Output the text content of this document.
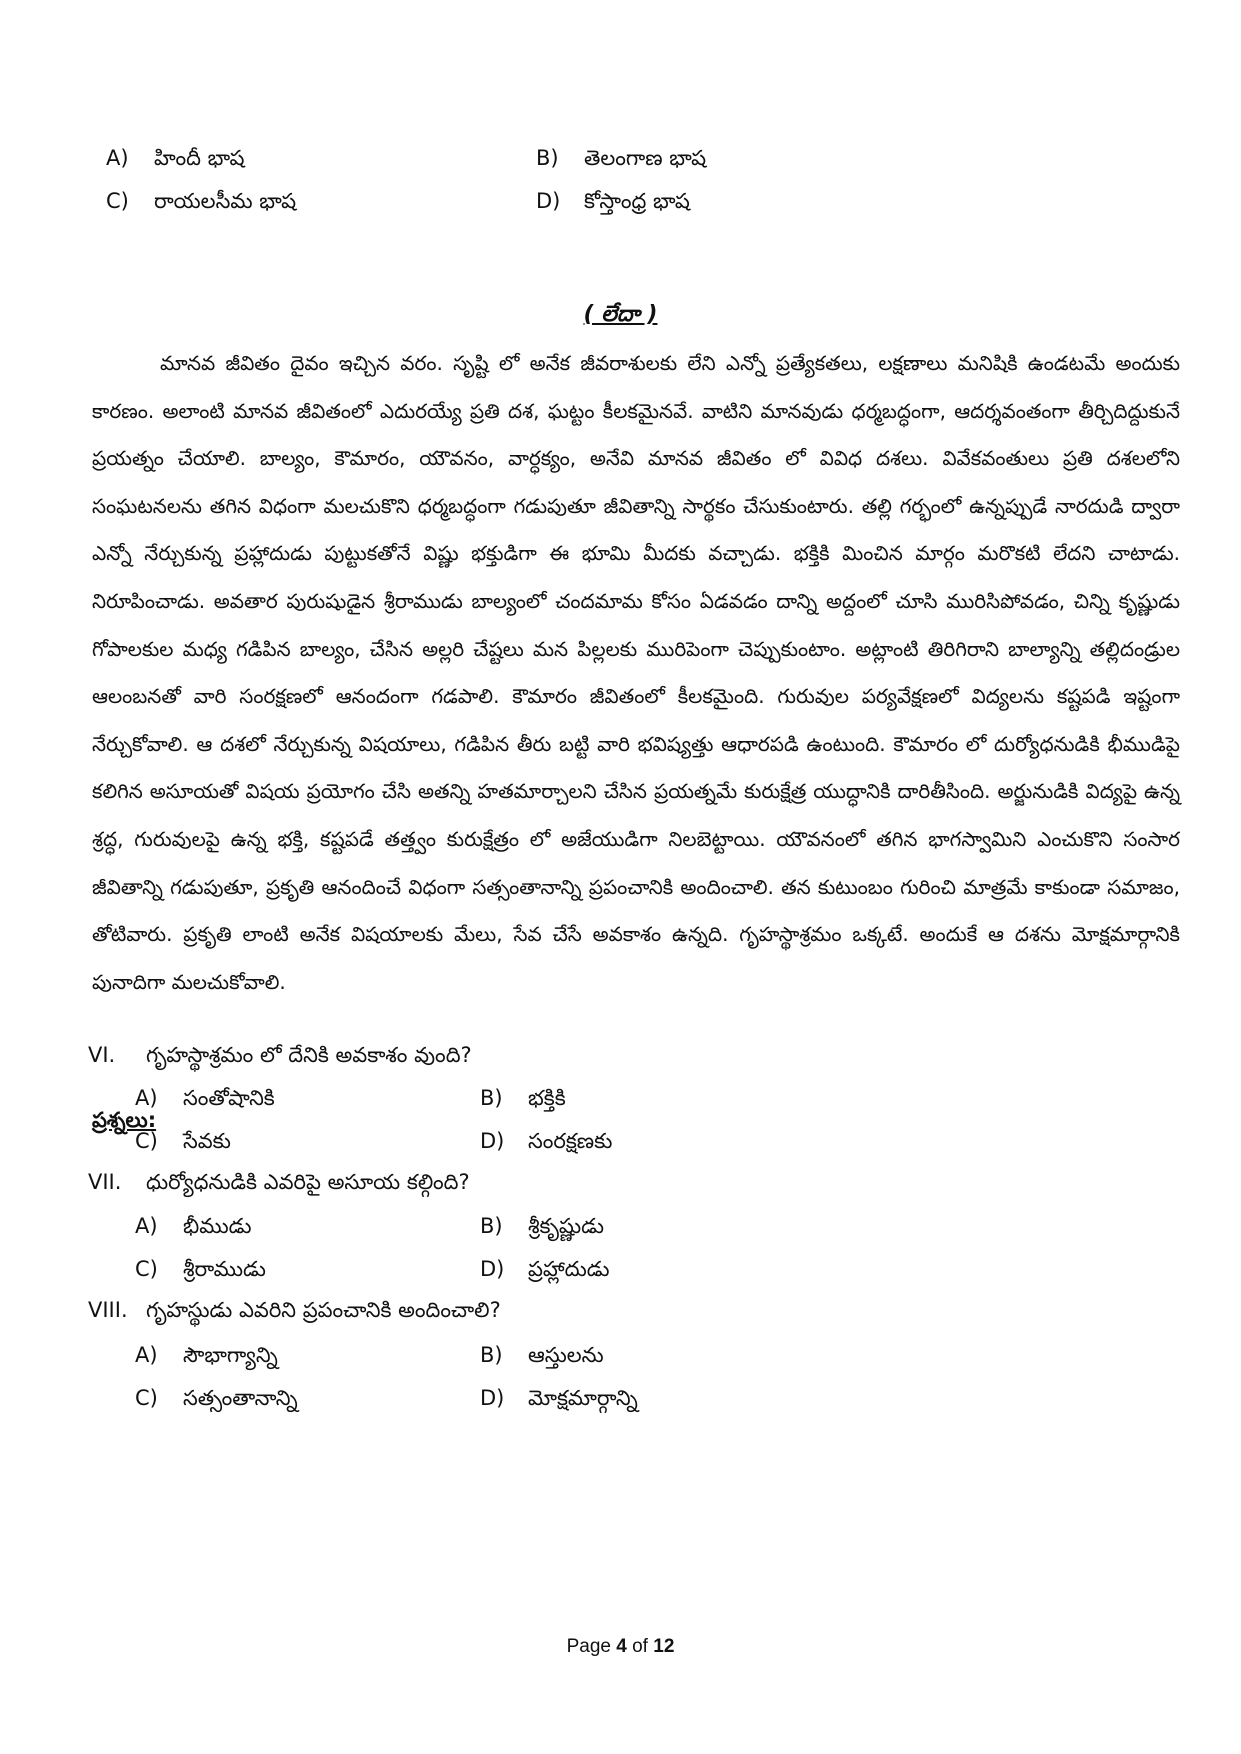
A) హిందీ భాష	B) తెలంగాణ భాష
C) రాయలసీమ భాష	D) కోస్తాంధ్ర భాష
( లేదా )

మానవ జీవితం దైవం ఇచ్చిన వరం. సృష్టి లో అనేక జీవరాశులకు లేని ఎన్నో ప్రత్యేకతలు, లక్షణాలు మనిషికి ఉండటమే అందుకు కారణం. అలాంటి మానవ జీవితంలో ఎదురయ్యే ప్రతి దశ, ఘట్టం కీలకమైనవే. వాటిని మానవుడు ధర్మబద్ధంగా, ఆదర్శవంతంగా తీర్చిదిద్దుకునే ప్రయత్నం చేయాలి. బాల్యం, కౌమారం, యౌవనం, వార్ధక్యం, అనేవి మానవ జీవితం లో వివిధ దశలు. వివేకవంతులు ప్రతి దశలలోని సంఘటనలను తగిన విధంగా మలచుకొని ధర్మబద్ధంగా గడుపుతూ జీవితాన్ని సార్థకం చేసుకుంటారు. తల్లి గర్భంలో ఉన్నప్పుడే నారదుడి ద్వారా ఎన్నో నేర్చుకున్న ప్రహ్లాదుడు పుట్టుకతోనే విష్ణు భక్తుడిగా ఈ భూమి మీదకు వచ్చాడు. భక్తికి మించిన మార్గం మరొకటి లేదని చాటాడు. నిరూపించాడు. అవతార పురుషుడైన శ్రీరాముడు బాల్యంలో చందమామ కోసం ఏడవడం దాన్ని అద్దంలో చూసి మురిసిపోవడం, చిన్ని కృష్ణుడు గోపాలకుల మధ్య గడిపిన బాల్యం, చేసిన అల్లరి చేష్టలు మన పిల్లలకు మురిపెంగా చెప్పుకుంటాం. అట్లాంటి తిరిగిరాని బాల్యాన్ని తల్లిదండ్రుల ఆలంబనతో వారి సంరక్షణలో ఆనందంగా గడపాలి. కౌమారం జీవితంలో కీలకమైంది. గురువుల పర్యవేక్షణలో విద్యలను కష్టపడి ఇష్టంగా నేర్చుకోవాలి. ఆ దశలో నేర్చుకున్న విషయాలు, గడిపిన తీరు బట్టి వారి భవిష్యత్తు ఆధారపడి ఉంటుంది. కౌమారం లో దుర్యోధనుడికి భీముడిపై కలిగిన అసూయతో విషయ ప్రయోగం చేసి అతన్ని హతమార్చాలని చేసిన ప్రయత్నమే కురుక్షేత్ర యుద్ధానికి దారితీసింది. అర్జునుడికి విద్యపై ఉన్న శ్రద్ధ, గురువులపై ఉన్న భక్తి, కష్టపడే తత్త్వం కురుక్షేత్రం లో అజేయుడిగా నిలబెట్టాయి. యౌవనంలో తగిన భాగస్వామిని ఎంచుకొని సంసార జీవితాన్ని గడుపుతూ, ప్రకృతి ఆనందించే విధంగా సత్సంతానాన్ని ప్రపంచానికి అందించాలి. తన కుటుంబం గురించి మాత్రమే కాకుండా సమాజం, తోటివారు. ప్రకృతి లాంటి అనేక విషయాలకు మేలు, సేవ చేసే అవకాశం ఉన్నది. గృహస్థాశ్రమం ఒక్కటే. అందుకే ఆ దశను మోక్షమార్గానికి పునాదిగా మలచుకోవాలి.

ప్రశ్నలు:
VI. గృహస్థాశ్రమం లో దేనికి అవకాశం వుంది?
A) సంతోషానికి	B) భక్తికి
C) సేవకు	D) సంరక్షణకు
VII. ధుర్యోధనుడికి ఎవరిపై అసూయ కల్గింది?
A) భీముడు	B) శ్రీకృష్ణుడు
C) శ్రీరాముడు	D) ప్రహ్లాదుడు
VIII. గృహస్థుడు ఎవరిని ప్రపంచానికి అందించాలి?
A) సౌభాగ్యాన్ని	B) ఆస్తులను
C) సత్సంతానాన్ని	D) మోక్షమార్గాన్ని
Page 4 of 12
